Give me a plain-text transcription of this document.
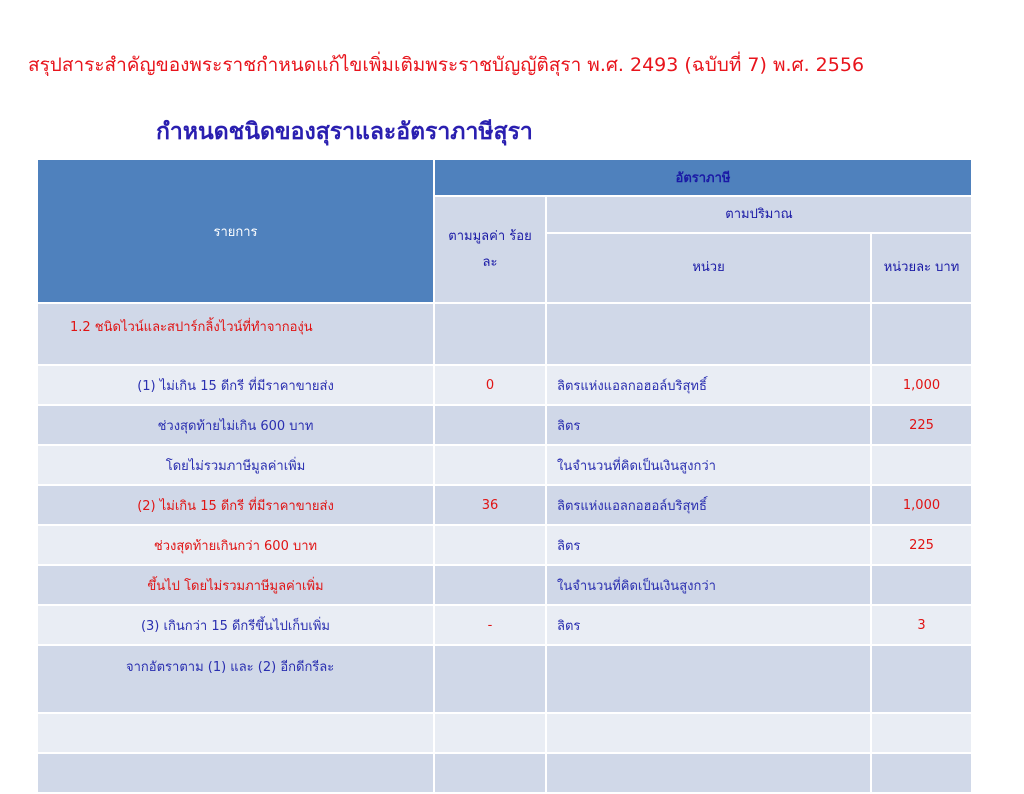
สรุปสาระสำคัญของพระราชกำหนดแก้ไขเพิ่มเติมพระราชบัญญัติสุรา พ.ศ. 2493 (ฉบับที่ 7) พ.ศ. 2556
กำหนดชนิดของสุราและอัตราภาษีสุรา
รายการ	อัตราภาษี		
	ตามมูลค่า ร้อยละ	ตามปริมาณ	
		หน่วย	หน่วยละ บาท
1.2 ชนิดไวน์และสปาร์กลิ้งไวน์ที่ทำจากองุ่น			
(1) ไม่เกิน 15 ดีกรี ที่มีราคาขายส่ง	0	ลิตรแห่งแอลกอฮอล์บริสุทธิ์	1,000
ช่วงสุดท้ายไม่เกิน 600 บาท		ลิตร	225
โดยไม่รวมภาษีมูลค่าเพิ่ม		ในจำนวนที่คิดเป็นเงินสูงกว่า	
(2) ไม่เกิน 15 ดีกรี ที่มีราคาขายส่ง	36	ลิตรแห่งแอลกอฮอล์บริสุทธิ์	1,000
ช่วงสุดท้ายเกินกว่า 600 บาท		ลิตร	225
ขึ้นไป โดยไม่รวมภาษีมูลค่าเพิ่ม		ในจำนวนที่คิดเป็นเงินสูงกว่า	
(3) เกินกว่า 15 ดีกรีขึ้นไปเก็บเพิ่ม	-	ลิตร	3
จากอัตราตาม (1) และ (2) อีกดีกรีละ			
